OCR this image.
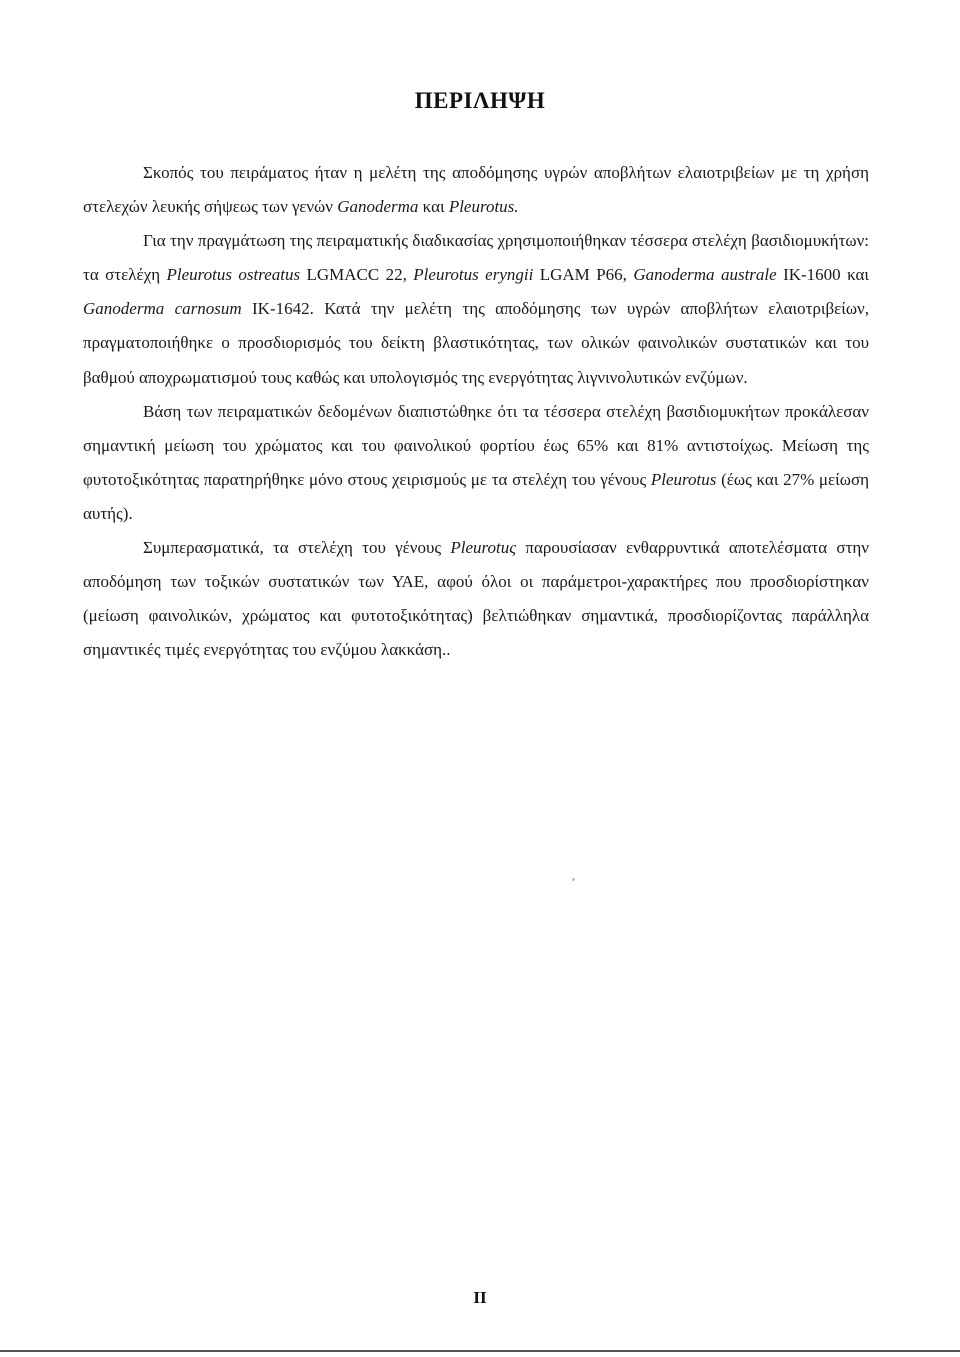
ΠΕΡΙΛΗΨΗ

Σκοπός του πειράματος ήταν η μελέτη της αποδόμησης υγρών αποβλήτων ελαιοτριβείων με τη χρήση στελεχών λευκής σήψεως των γενών Ganoderma και Pleurotus.

Για την πραγμάτωση της πειραματικής διαδικασίας χρησιμοποιήθηκαν τέσσερα στελέχη βασιδιομυκήτων: τα στελέχη Pleurotus ostreatus LGMACC 22, Pleurotus eryngii LGAM P66, Ganoderma australe IK-1600 και Ganoderma carnosum IK-1642. Κατά την μελέτη της αποδόμησης των υγρών αποβλήτων ελαιοτριβείων, πραγματοποιήθηκε ο προσδιορισμός του δείκτη βλαστικότητας, των ολικών φαινολικών συστατικών και του βαθμού αποχρωματισμού τους καθώς και υπολογισμός της ενεργότητας λιγνινολυτικών ενζύμων.

Βάση των πειραματικών δεδομένων διαπιστώθηκε ότι τα τέσσερα στελέχη βασιδιομυκήτων προκάλεσαν σημαντική μείωση του χρώματος και του φαινολικού φορτίου έως 65% και 81% αντιστοίχως. Μείωση της φυτοτοξικότητας παρατηρήθηκε μόνο στους χειρισμούς με τα στελέχη του γένους Pleurotus (έως και 27% μείωση αυτής).

Συμπερασματικά, τα στελέχη του γένους Pleurotuς παρουσίασαν ενθαρρυντικά αποτελέσματα στην αποδόμηση των τοξικών συστατικών των ΥΑΕ, αφού όλοι οι παράμετροι-χαρακτήρες που προσδιορίστηκαν (μείωση φαινολικών, χρώματος και φυτοτοξικότητας) βελτιώθηκαν σημαντικά, προσδιορίζοντας παράλληλα σημαντικές τιμές ενεργότητας του ενζύμου λακκάση..

II
